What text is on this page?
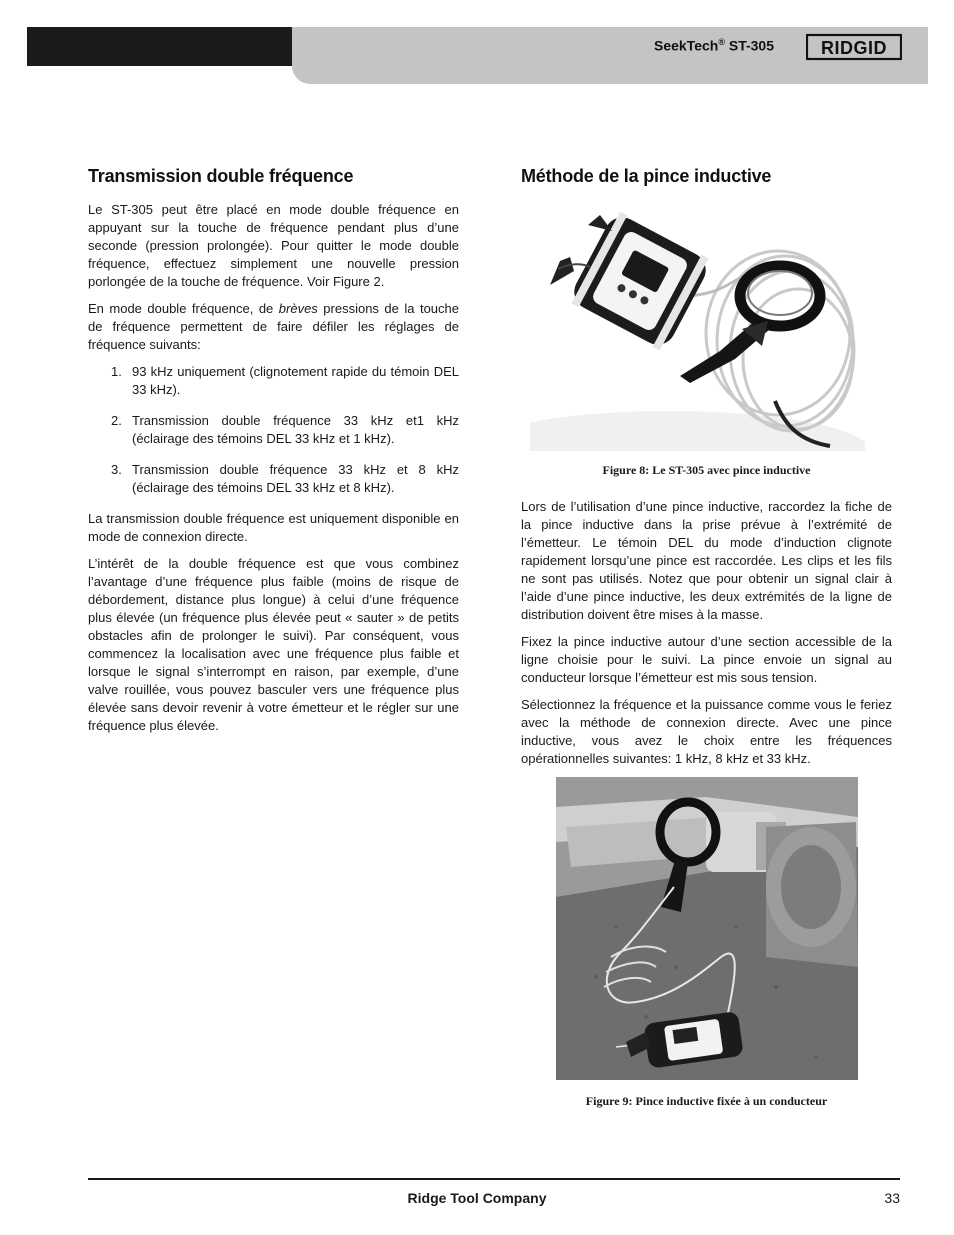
SeekTech® ST-305	RIDGID
Transmission double fréquence

Le ST-305 peut être placé en mode double fréquence en appuyant sur la touche de fréquence pendant plus d’une seconde (pression prolongée). Pour quitter le mode double fréquence, effectuez simplement une nouvelle pression porlongée de la touche de fréquence. Voir Figure 2.

En mode double fréquence, de brèves pressions de la touche de fréquence permettent de faire défiler les réglages de fréquence suivants:

1. 93 kHz uniquement (clignotement rapide du témoin DEL 33 kHz).
2. Transmission double fréquence 33 kHz et1 kHz (éclairage des témoins DEL 33 kHz et 1 kHz).
3. Transmission double fréquence 33 kHz et 8 kHz (éclairage des témoins DEL 33 kHz et 8 kHz).

La transmission double fréquence est uniquement disponible en mode de connexion directe.

L’intérêt de la double fréquence est que vous combinez l’avantage d’une fréquence plus faible (moins de risque de débordement, distance plus longue) à celui d’une fréquence plus élevée (un fréquence plus élevée peut « sauter » de petits obstacles afin de prolonger le suivi). Par conséquent, vous commencez la localisation avec une fréquence plus faible et lorsque le signal s’interrompt en raison, par exemple, d’une valve rouillée, vous pouvez basculer vers une fréquence plus élevée sans devoir revenir à votre émetteur et le régler sur une fréquence plus élevée.

Méthode de la pince inductive
Figure 8: Le ST-305 avec pince inductive

Lors de l’utilisation d’une pince inductive, raccordez la fiche de la pince inductive dans la prise prévue à l’extrémité de l’émetteur. Le témoin DEL du mode d’induction clignote rapidement lorsqu’une pince est raccordée. Les clips et les fils ne sont pas utilisés. Notez que pour obtenir un signal clair à l’aide d’une pince inductive, les deux extrémités de la ligne de distribution doivent être mises à la masse.

Fixez la pince inductive autour d’une section accessible de la ligne choisie pour le suivi. La pince envoie un signal au conducteur lorsque l’émetteur est mis sous tension.

Sélectionnez la fréquence et la puissance comme vous le feriez avec la méthode de connexion directe. Avec une pince inductive, vous avez le choix entre les fréquences opérationnelles suivantes: 1 kHz, 8 kHz et 33 kHz.

Figure 9: Pince inductive fixée à un conducteur
Ridge Tool Company	33
